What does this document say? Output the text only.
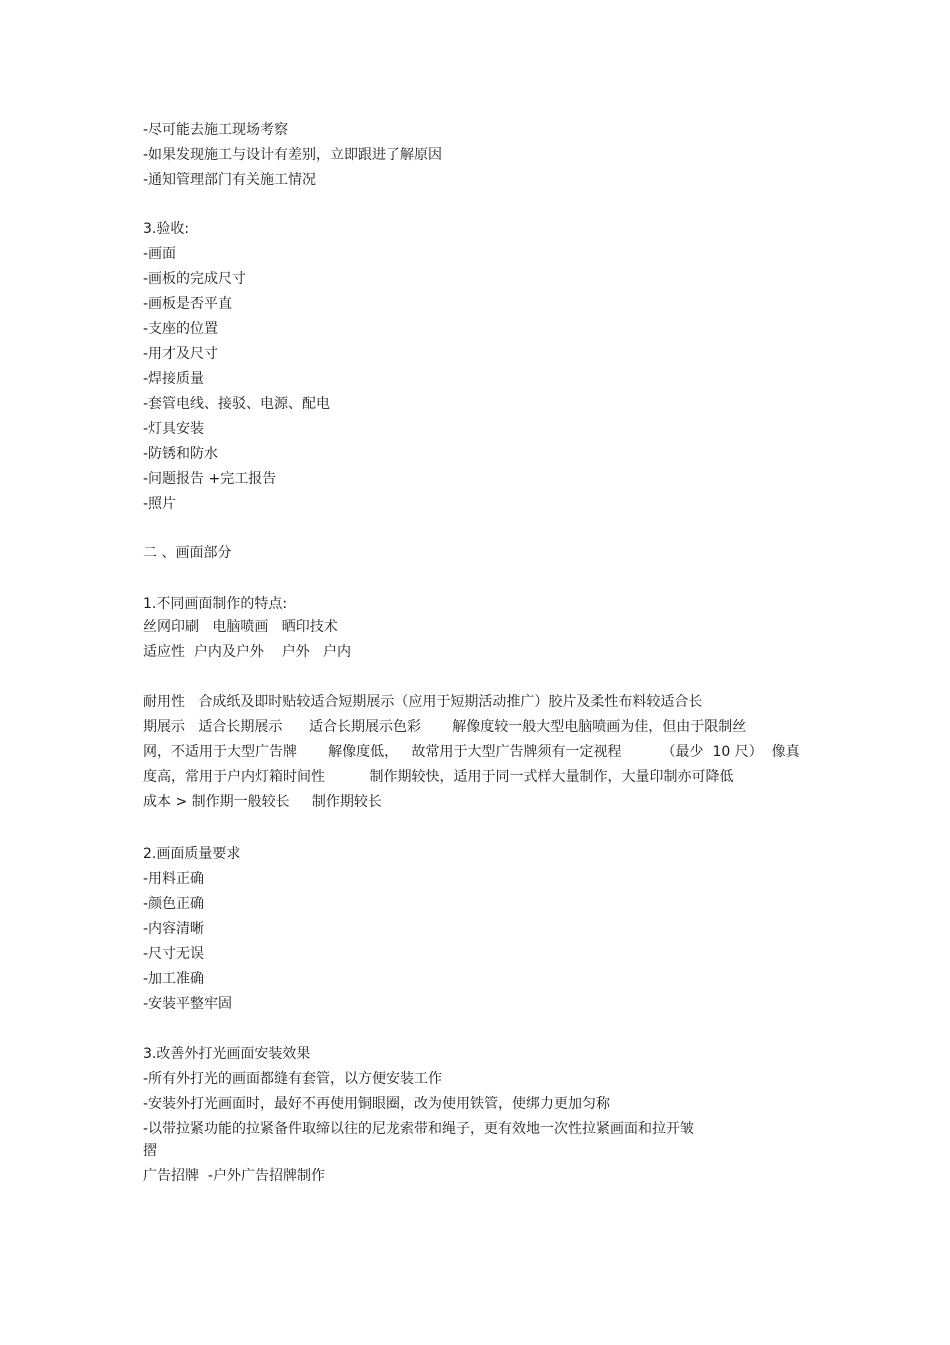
-尽可能去施工现场考察

-如果发现施工与设计有差别，立即跟进了解原因

-通知管理部门有关施工情况

3.验收:

-画面

-画板的完成尺寸

-画板是否平直

-支座的位置

-用才及尺寸

-焊接质量

-套管电线、接驳、电源、配电

-灯具安装

-防锈和防水

-问题报告 +完工报告

-照片

二 、画面部分

1.不同画面制作的特点:

丝网印刷   电脑喷画   晒印技术

适应性  户内及户外    户外   户内

耐用性   合成纸及即时贴较适合短期展示（应用于短期活动推广）胶片及柔性布料较适合长

期展示   适合长期展示      适合长期展示色彩       解像度较一般大型电脑喷画为佳，但由于限制丝

网，不适用于大型广告牌       解像度低，   故常用于大型广告牌须有一定视程         （最少  10 尺）  像真

度高，常用于户内灯箱时间性          制作期较快，适用于同一式样大量制作，大量印制亦可降低

成本 > 制作期一般较长     制作期较长

2.画面质量要求

-用料正确

-颜色正确

-内容清晰

-尺寸无误

-加工准确

-安装平整牢固

3.改善外打光画面安装效果

-所有外打光的画面都缝有套管，以方便安装工作

-安装外打光画面时，最好不再使用铜眼圈，改为使用铁管，使绑力更加匀称

-以带拉紧功能的拉紧备件取缔以往的尼龙索带和绳子，更有效地一次性拉紧画面和拉开皱

摺

广告招牌  -户外广告招牌制作
